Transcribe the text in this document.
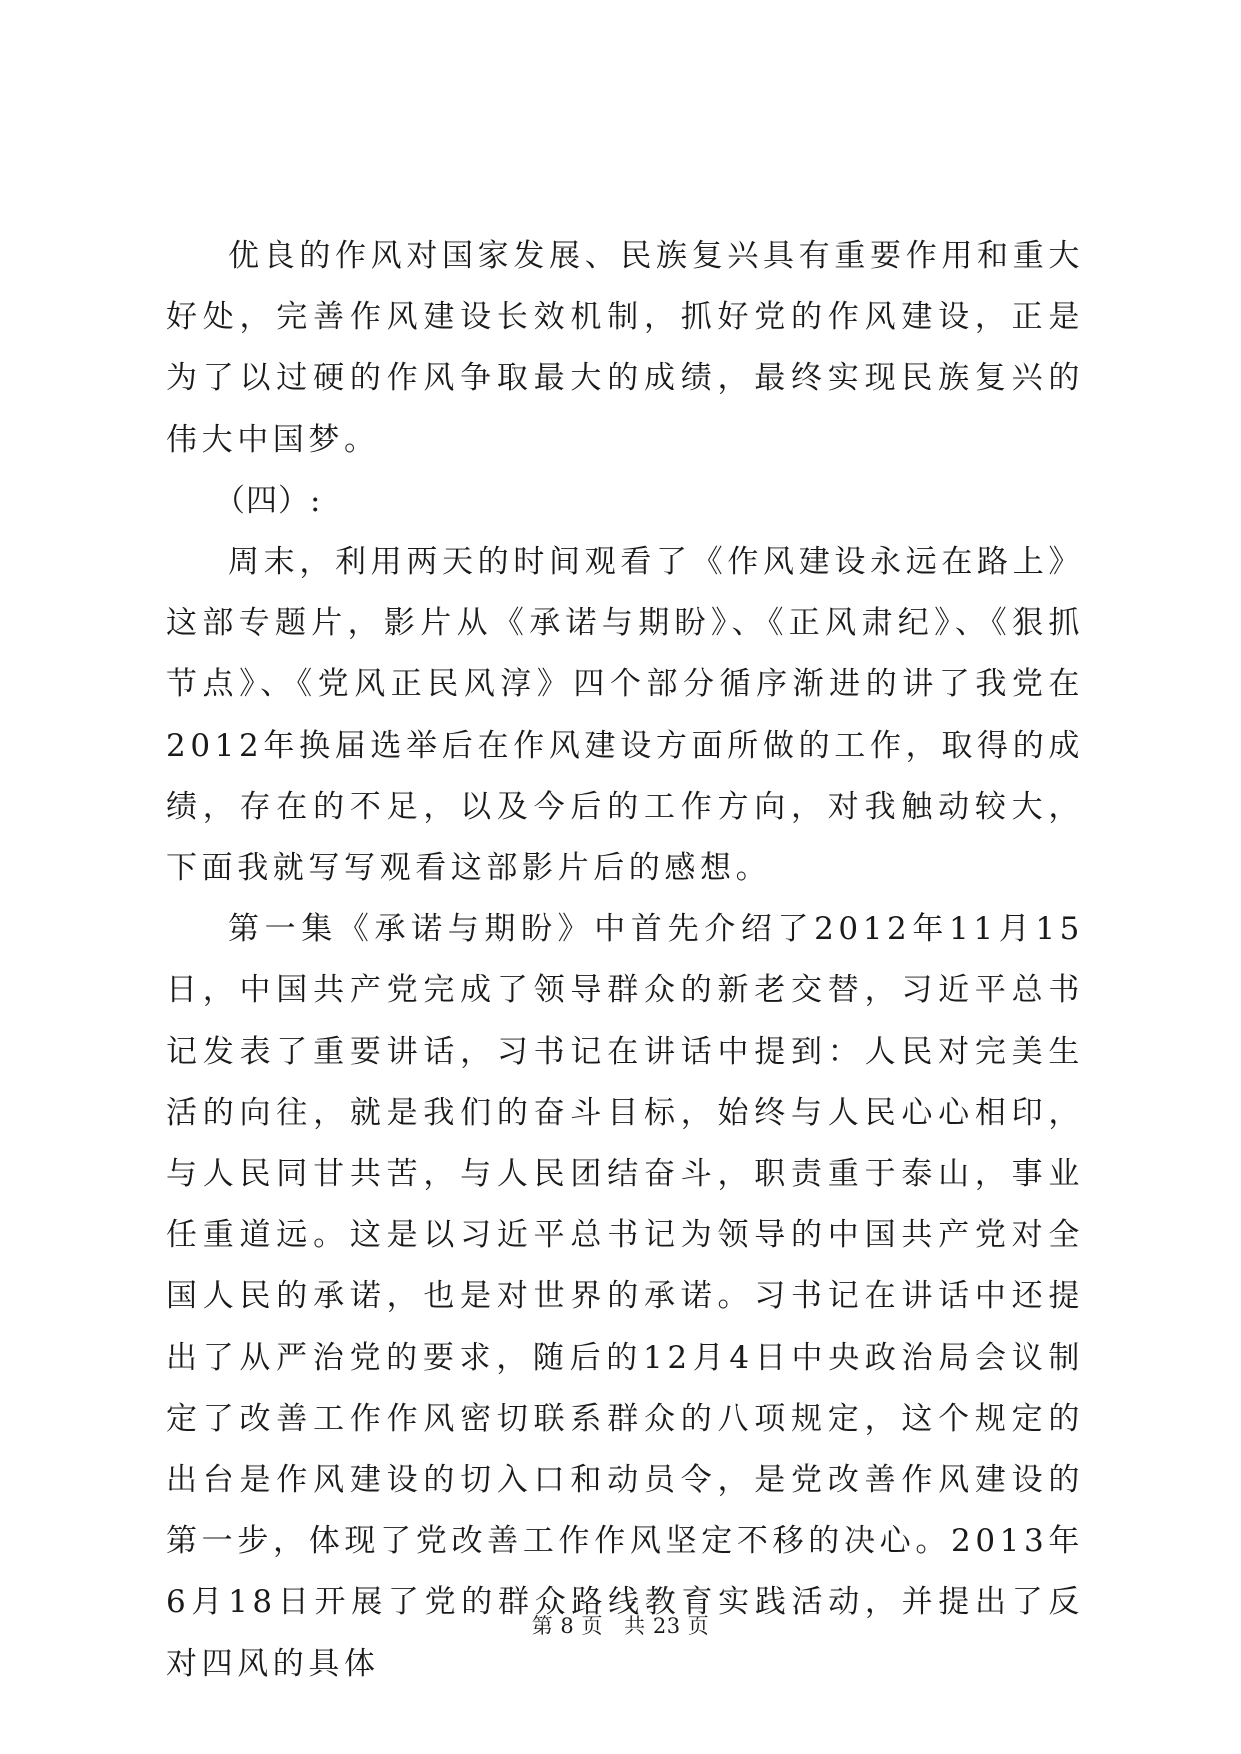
优良的作风对国家发展、民族复兴具有重要作用和重大好处，完善作风建设长效机制，抓好党的作风建设，正是为了以过硬的作风争取最大的成绩，最终实现民族复兴的伟大中国梦。

（四）:

周末，利用两天的时间观看了《作风建设永远在路上》这部专题片，影片从《承诺与期盼》、《正风肃纪》、《狠抓节点》、《党风正民风淳》四个部分循序渐进的讲了我党在2012年换届选举后在作风建设方面所做的工作，取得的成绩，存在的不足，以及今后的工作方向，对我触动较大，下面我就写写观看这部影片后的感想。

第一集《承诺与期盼》中首先介绍了2012年11月15日，中国共产党完成了领导群众的新老交替，习近平总书记发表了重要讲话，习书记在讲话中提到：人民对完美生活的向往，就是我们的奋斗目标，始终与人民心心相印，与人民同甘共苦，与人民团结奋斗，职责重于泰山，事业任重道远。这是以习近平总书记为领导的中国共产党对全国人民的承诺，也是对世界的承诺。习书记在讲话中还提出了从严治党的要求，随后的12月4日中央政治局会议制定了改善工作作风密切联系群众的八项规定，这个规定的出台是作风建设的切入口和动员令，是党改善作风建设的第一步，体现了党改善工作作风坚定不移的决心。2013年6月18日开展了党的群众路线教育实践活动，并提出了反对四风的具体

第 8 页 共 23 页
